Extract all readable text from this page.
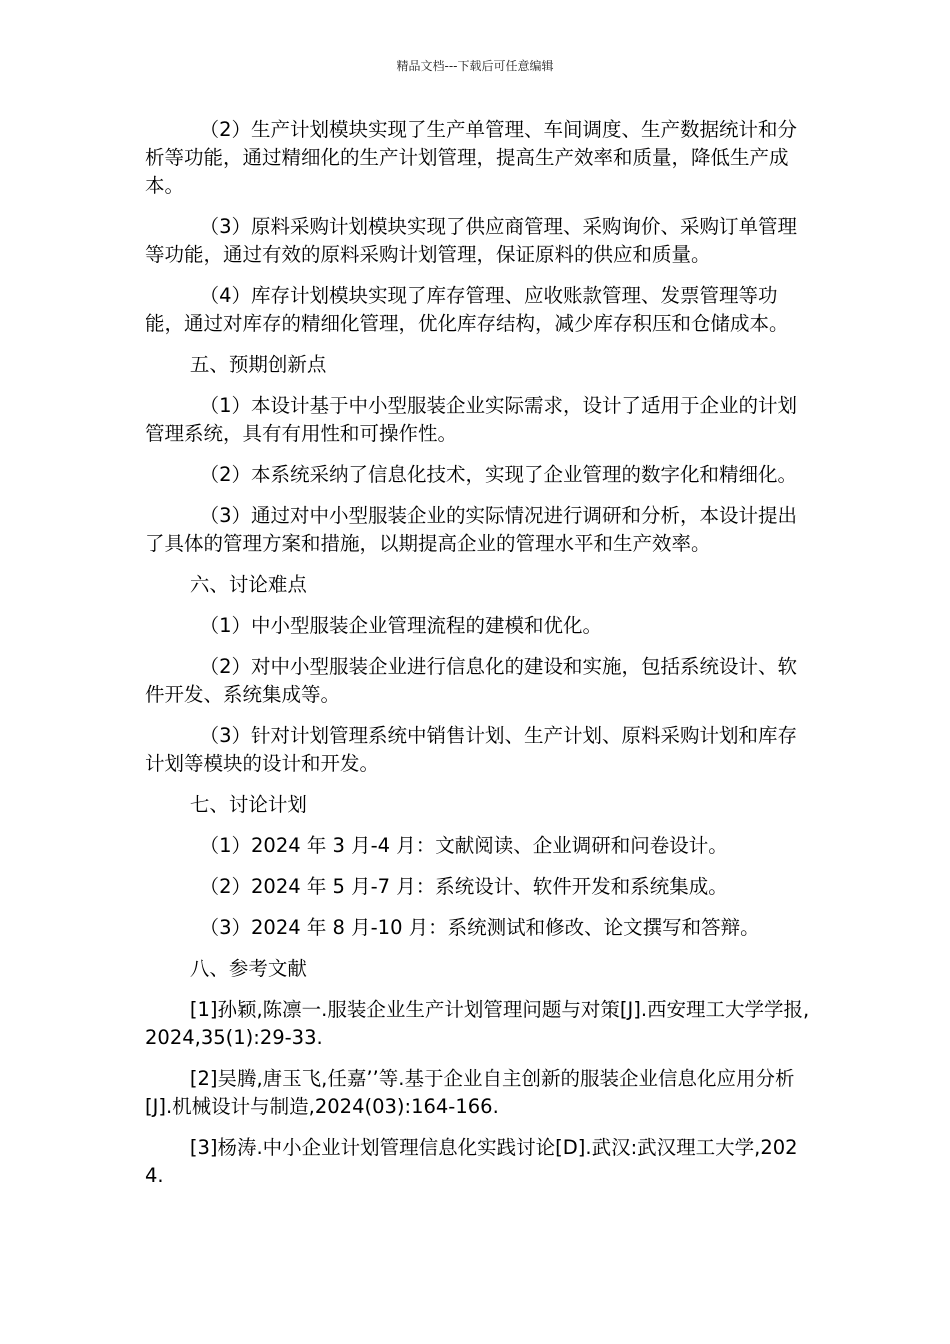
精品文档---下载后可任意编辑

（2）生产计划模块实现了生产单管理、车间调度、生产数据统计和分析等功能，通过精细化的生产计划管理，提高生产效率和质量，降低生产成本。

（3）原料采购计划模块实现了供应商管理、采购询价、采购订单管理等功能，通过有效的原料采购计划管理，保证原料的供应和质量。

（4）库存计划模块实现了库存管理、应收账款管理、发票管理等功能，通过对库存的精细化管理，优化库存结构，减少库存积压和仓储成本。

五、预期创新点

（1）本设计基于中小型服装企业实际需求，设计了适用于企业的计划管理系统，具有有用性和可操作性。

（2）本系统采纳了信息化技术，实现了企业管理的数字化和精细化。

（3）通过对中小型服装企业的实际情况进行调研和分析，本设计提出了具体的管理方案和措施，以期提高企业的管理水平和生产效率。

六、讨论难点

（1）中小型服装企业管理流程的建模和优化。

（2）对中小型服装企业进行信息化的建设和实施，包括系统设计、软件开发、系统集成等。

（3）针对计划管理系统中销售计划、生产计划、原料采购计划和库存计划等模块的设计和开发。

七、讨论计划

（1）2024 年 3 月-4 月：文献阅读、企业调研和问卷设计。

（2）2024 年 5 月-7 月：系统设计、软件开发和系统集成。

（3）2024 年 8 月-10 月：系统测试和修改、论文撰写和答辩。

八、参考文献

[1]孙颖,陈凛一.服装企业生产计划管理问题与对策[J].西安理工大学学报,2024,35(1):29-33.

[2]吴腾,唐玉飞,任嘉’’等.基于企业自主创新的服装企业信息化应用分析[J].机械设计与制造,2024(03):164-166.

[3]杨涛.中小企业计划管理信息化实践讨论[D].武汉:武汉理工大学,2024.
